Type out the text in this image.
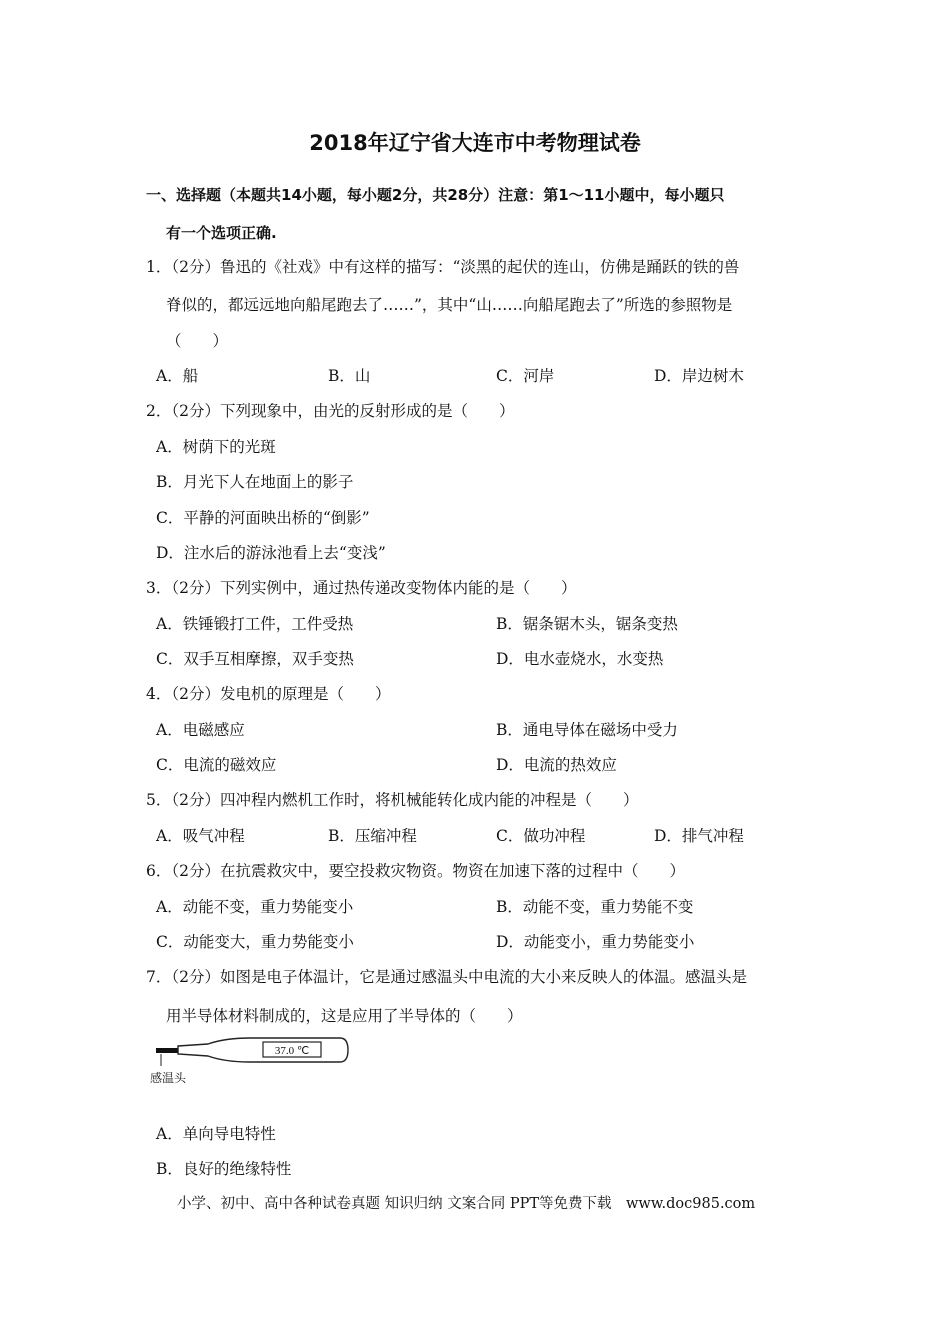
2018年辽宁省大连市中考物理试卷
一、选择题（本题共14小题，每小题2分，共28分）注意：第1～11小题中，每小题只
有一个选项正确.
1．（2分）鲁迅的《社戏》中有这样的描写：“淡黑的起伏的连山，仿佛是踊跃的铁的兽
脊似的，都远远地向船尾跑去了……”，其中“山……向船尾跑去了”所选的参照物是
（　　）
A．船	B．山	C．河岸	D．岸边树木
2．（2分）下列现象中，由光的反射形成的是（　　）
A．树荫下的光斑
B．月光下人在地面上的影子
C．平静的河面映出桥的“倒影”
D．注水后的游泳池看上去“变浅”
3．（2分）下列实例中，通过热传递改变物体内能的是（　　）
A．铁锤锻打工件，工件受热	B．锯条锯木头，锯条变热
C．双手互相摩擦，双手变热	D．电水壶烧水，水变热
4．（2分）发电机的原理是（　　）
A．电磁感应	B．通电导体在磁场中受力
C．电流的磁效应	D．电流的热效应
5．（2分）四冲程内燃机工作时，将机械能转化成内能的冲程是（　　）
A．吸气冲程	B．压缩冲程	C．做功冲程	D．排气冲程
6．（2分）在抗震救灾中，要空投救灾物资。物资在加速下落的过程中（　　）
A．动能不变，重力势能变小	B．动能不变，重力势能不变
C．动能变大，重力势能变小	D．动能变小，重力势能变小
7．（2分）如图是电子体温计，它是通过感温头中电流的大小来反映人的体温。感温头是
用半导体材料制成的，这是应用了半导体的（　　）
37.0 ℃
感温头
A．单向导电特性
B．良好的绝缘特性
小学、初中、高中各种试卷真题 知识归纳 文案合同 PPT等免费下载　www.doc985.com
